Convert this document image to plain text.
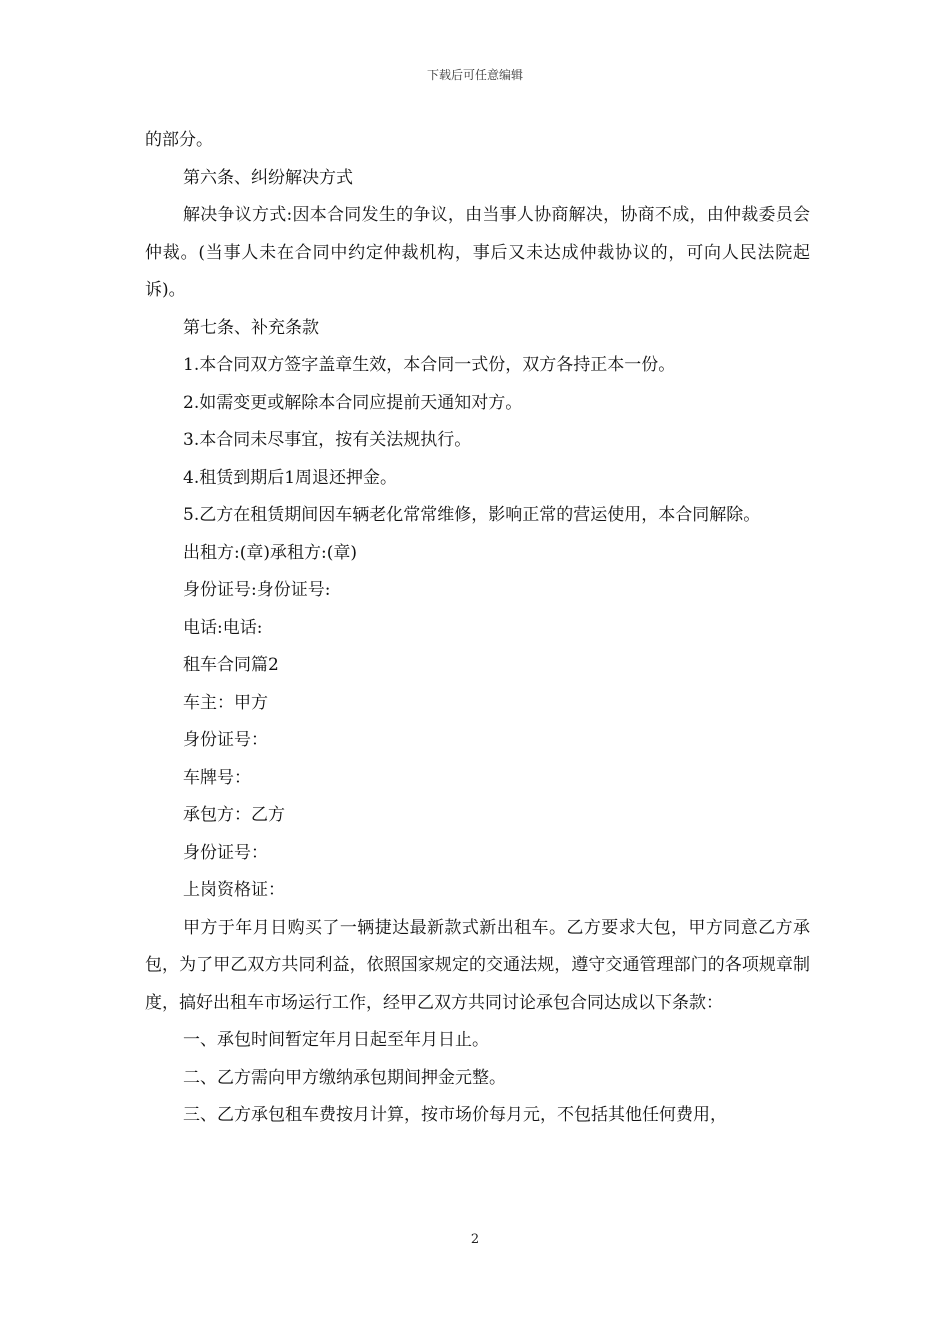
下载后可任意编辑

的部分。

第六条、纠纷解决方式

解决争议方式:因本合同发生的争议，由当事人协商解决，协商不成，由仲裁委员会仲裁。(当事人未在合同中约定仲裁机构，事后又未达成仲裁协议的，可向人民法院起诉)。

第七条、补充条款

1.本合同双方签字盖章生效，本合同一式份，双方各持正本一份。

2.如需变更或解除本合同应提前天通知对方。

3.本合同未尽事宜，按有关法规执行。

4.租赁到期后1周退还押金。

5.乙方在租赁期间因车辆老化常常维修，影响正常的营运使用，本合同解除。

出租方:(章)承租方:(章)

身份证号:身份证号:

电话:电话:

租车合同篇2

车主：甲方

身份证号：

车牌号：

承包方：乙方

身份证号：

上岗资格证：

甲方于年月日购买了一辆捷达最新款式新出租车。乙方要求大包，甲方同意乙方承包，为了甲乙双方共同利益，依照国家规定的交通法规，遵守交通管理部门的各项规章制度，搞好出租车市场运行工作，经甲乙双方共同讨论承包合同达成以下条款：

一、承包时间暂定年月日起至年月日止。

二、乙方需向甲方缴纳承包期间押金元整。

三、乙方承包租车费按月计算，按市场价每月元，不包括其他任何费用，

2
